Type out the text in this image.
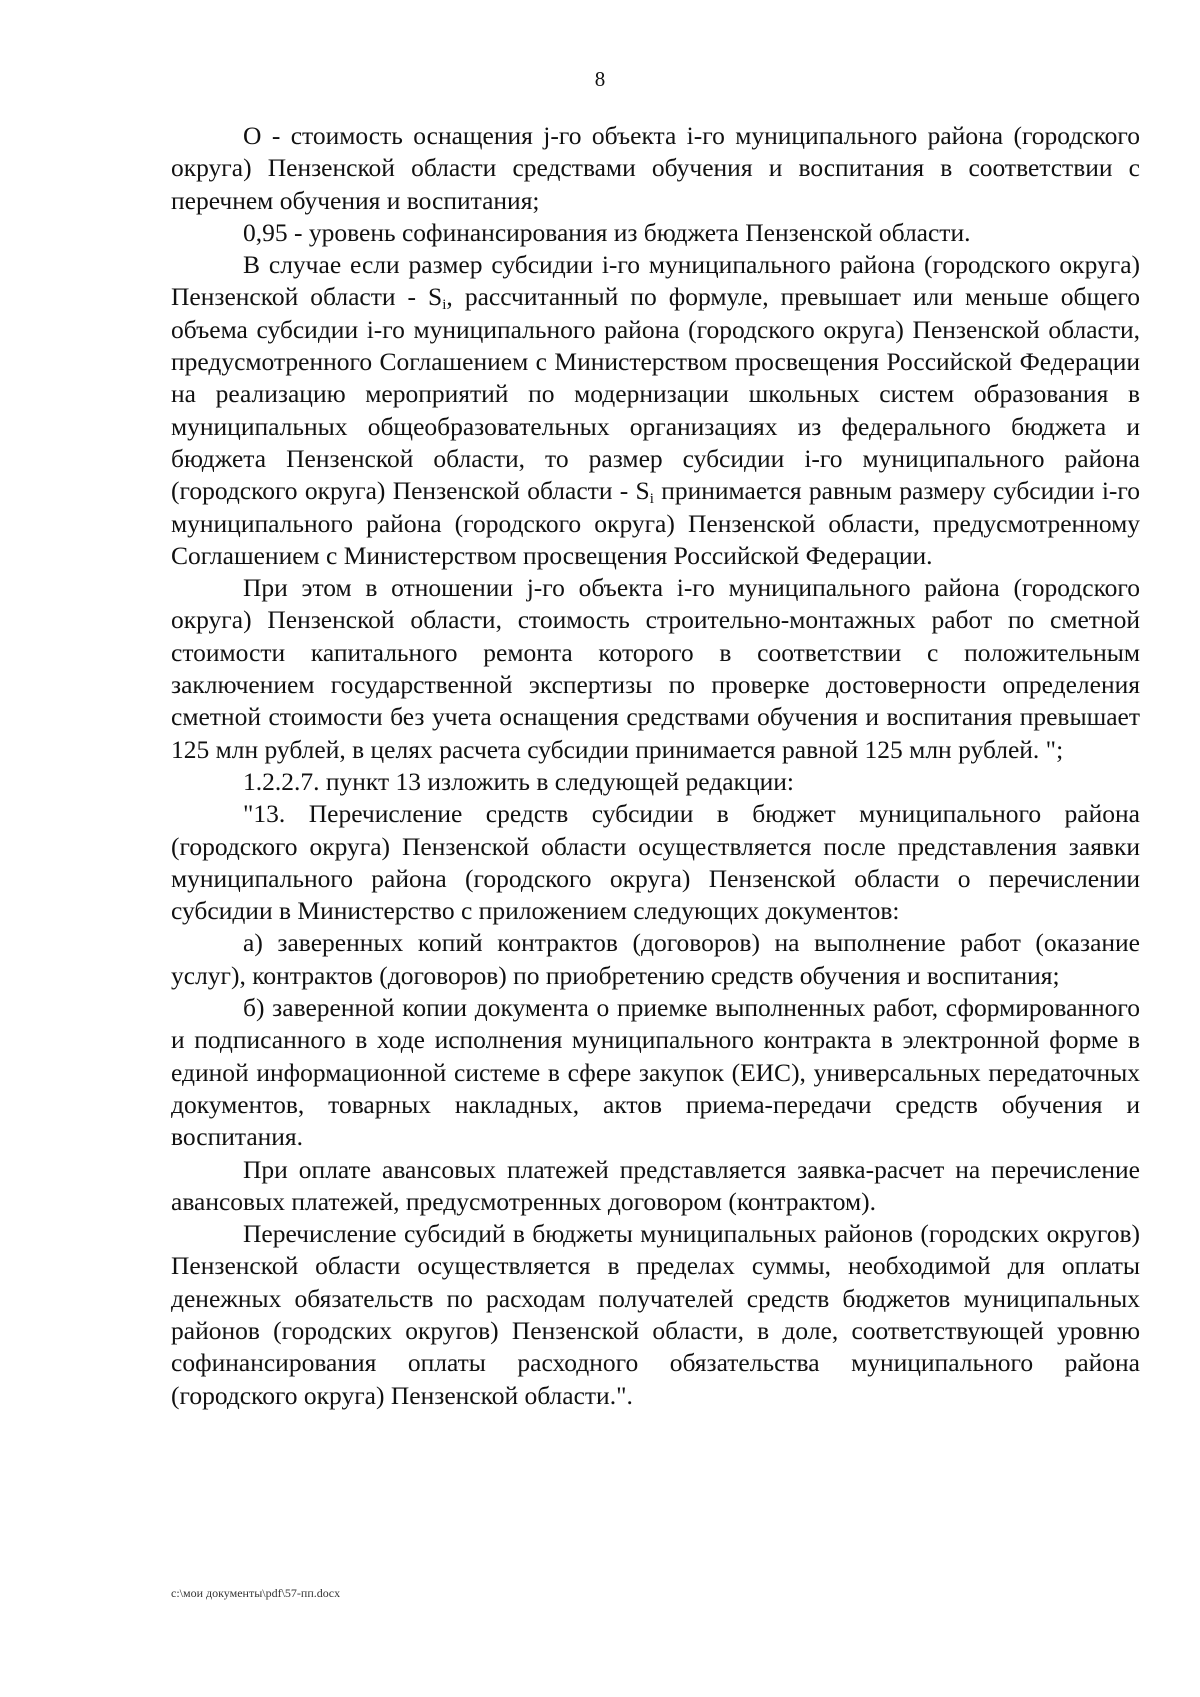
8

О - стоимость оснащения j-го объекта i-го муниципального района (городского округа) Пензенской области средствами обучения и воспитания в соответствии с перечнем обучения и воспитания;

0,95 - уровень софинансирования из бюджета Пензенской области.

В случае если размер субсидии i-го муниципального района (городского округа) Пензенской области - $S_i$, рассчитанный по формуле, превышает или меньше общего объема субсидии i-го муниципального района (городского округа) Пензенской области, предусмотренного Соглашением с Министерством просвещения Российской Федерации на реализацию мероприятий по модернизации школьных систем образования в муниципальных общеобразовательных организациях из федерального бюджета и бюджета Пензенской области, то размер субсидии i-го муниципального района (городского округа) Пензенской области - $S_i$ принимается равным размеру субсидии i-го муниципального района (городского округа) Пензенской области, предусмотренному Соглашением с Министерством просвещения Российской Федерации.

При этом в отношении j-го объекта i-го муниципального района (городского округа) Пензенской области, стоимость строительно-монтажных работ по сметной стоимости капитального ремонта которого в соответствии с положительным заключением государственной экспертизы по проверке достоверности определения сметной стоимости без учета оснащения средствами обучения и воспитания превышает 125 млн рублей, в целях расчета субсидии принимается равной 125 млн рублей. ";

1.2.2.7. пункт 13 изложить в следующей редакции:

"13. Перечисление средств субсидии в бюджет муниципального района (городского округа) Пензенской области осуществляется после представления заявки муниципального района (городского округа) Пензенской области о перечислении субсидии в Министерство с приложением следующих документов:

а) заверенных копий контрактов (договоров) на выполнение работ (оказание услуг), контрактов (договоров) по приобретению средств обучения и воспитания;

б) заверенной копии документа о приемке выполненных работ, сформированного и подписанного в ходе исполнения муниципального контракта в электронной форме в единой информационной системе в сфере закупок (ЕИС), универсальных передаточных документов, товарных накладных, актов приема-передачи средств обучения и воспитания.

При оплате авансовых платежей представляется заявка-расчет на перечисление авансовых платежей, предусмотренных договором (контрактом).

Перечисление субсидий в бюджеты муниципальных районов (городских округов) Пензенской области осуществляется в пределах суммы, необходимой для оплаты денежных обязательств по расходам получателей средств бюджетов муниципальных районов (городских округов) Пензенской области, в доле, соответствующей уровню софинансирования оплаты расходного обязательства муниципального района (городского округа) Пензенской области.".

c:\мои документы\pdf\57-пп.docx
